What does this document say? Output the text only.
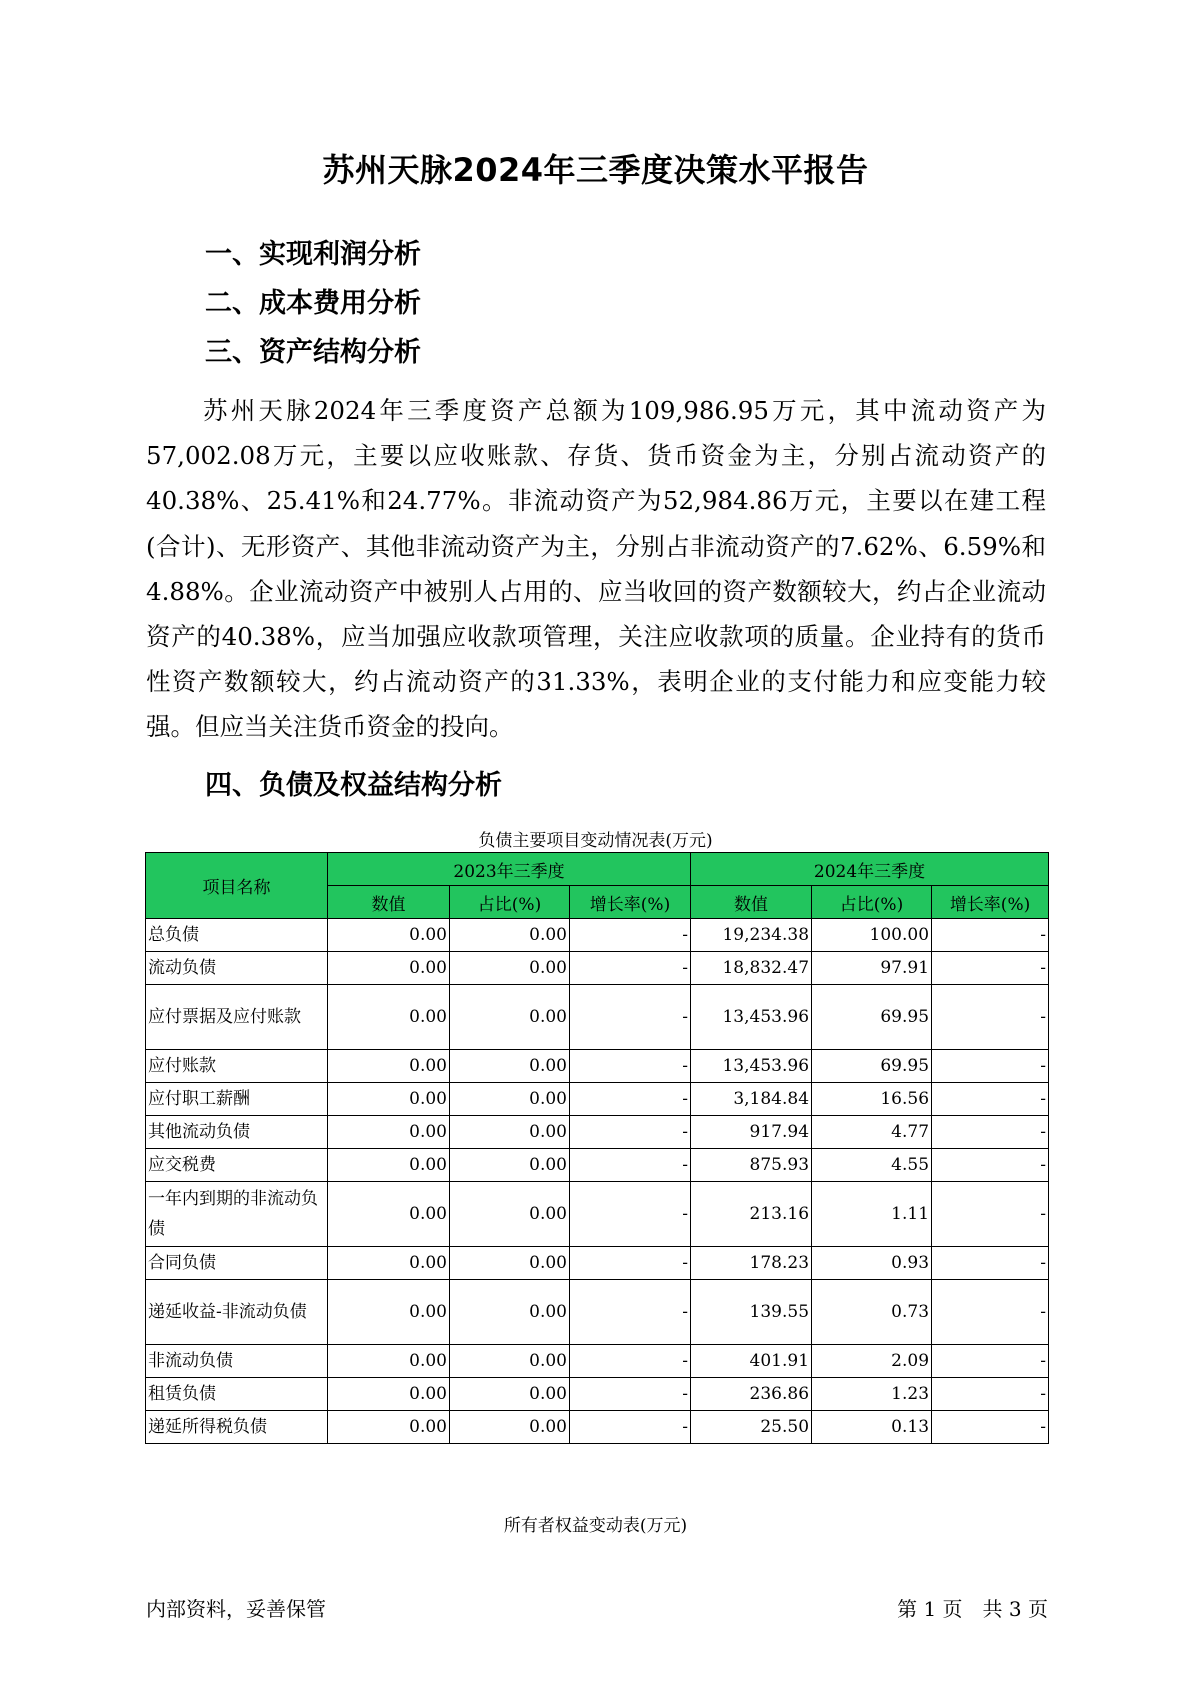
苏州天脉2024年三季度决策水平报告
一、实现利润分析
二、成本费用分析
三、资产结构分析

苏州天脉2024年三季度资产总额为109,986.95万元，其中流动资产为57,002.08万元，主要以应收账款、存货、货币资金为主，分别占流动资产的40.38%、25.41%和24.77%。非流动资产为52,984.86万元，主要以在建工程(合计)、无形资产、其他非流动资产为主，分别占非流动资产的7.62%、6.59%和4.88%。企业流动资产中被别人占用的、应当收回的资产数额较大，约占企业流动资产的40.38%，应当加强应收款项管理，关注应收款项的质量。企业持有的货币性资产数额较大，约占流动资产的31.33%，表明企业的支付能力和应变能力较强。但应当关注货币资金的投向。

四、负债及权益结构分析

负债主要项目变动情况表(万元)

项目名称	2023年三季度			2024年三季度		
	数值	占比(%)	增长率(%)	数值	占比(%)	增长率(%)
总负债	0.00	0.00	-	19,234.38	100.00	-
流动负债	0.00	0.00	-	18,832.47	97.91	-
应付票据及应付账款	0.00	0.00	-	13,453.96	69.95	-
应付账款	0.00	0.00	-	13,453.96	69.95	-
应付职工薪酬	0.00	0.00	-	3,184.84	16.56	-
其他流动负债	0.00	0.00	-	917.94	4.77	-
应交税费	0.00	0.00	-	875.93	4.55	-
一年内到期的非流动负债	0.00	0.00	-	213.16	1.11	-
合同负债	0.00	0.00	-	178.23	0.93	-
递延收益-非流动负债	0.00	0.00	-	139.55	0.73	-
非流动负债	0.00	0.00	-	401.91	2.09	-
租赁负债	0.00	0.00	-	236.86	1.23	-
递延所得税负债	0.00	0.00	-	25.50	0.13	-

所有者权益变动表(万元)

内部资料，妥善保管	第 1 页　共 3 页
